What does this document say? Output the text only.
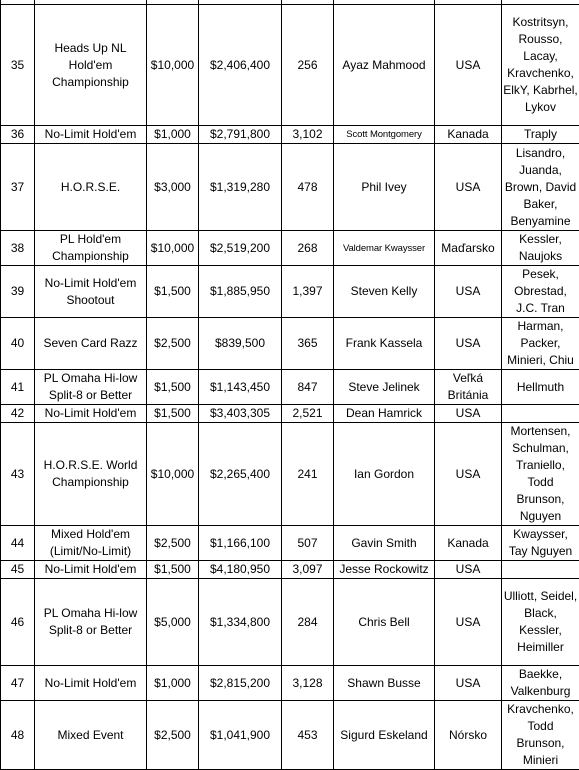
35	Heads Up NL Hold'em Championship	$10,000	$2,406,400	256	Ayaz Mahmood	USA	Kostritsyn, Rousso, Lacay, Kravchenko, ElkY, Kabrhel, Lykov
36	No-Limit Hold'em	$1,000	$2,791,800	3,102	Scott Montgomery	Kanada	Traply
37	H.O.R.S.E.	$3,000	$1,319,280	478	Phil Ivey	USA	Lisandro, Juanda, Brown, David Baker, Benyamine
38	PL Hold'em Championship	$10,000	$2,519,200	268	Valdemar Kwaysser	Maďarsko	Kessler, Naujoks
39	No-Limit Hold'em Shootout	$1,500	$1,885,950	1,397	Steven Kelly	USA	Pesek, Obrestad, J.C. Tran
40	Seven Card Razz	$2,500	$839,500	365	Frank Kassela	USA	Harman, Packer, Minieri, Chiu
41	PL Omaha Hi-low Split-8 or Better	$1,500	$1,143,450	847	Steve Jelinek	Veľká Británia	Hellmuth
42	No-Limit Hold'em	$1,500	$3,403,305	2,521	Dean Hamrick	USA	
43	H.O.R.S.E. World Championship	$10,000	$2,265,400	241	Ian Gordon	USA	Mortensen, Schulman, Traniello, Todd Brunson, Nguyen
44	Mixed Hold'em (Limit/No-Limit)	$2,500	$1,166,100	507	Gavin Smith	Kanada	Kwaysser, Tay Nguyen
45	No-Limit Hold'em	$1,500	$4,180,950	3,097	Jesse Rockowitz	USA	
46	PL Omaha Hi-low Split-8 or Better	$5,000	$1,334,800	284	Chris Bell	USA	Ulliott, Seidel, Black, Kessler, Heimiller
47	No-Limit Hold'em	$1,000	$2,815,200	3,128	Shawn Busse	USA	Baekke, Valkenburg
48	Mixed Event	$2,500	$1,041,900	453	Sigurd Eskeland	Nórsko	Kravchenko, Todd Brunson, Minieri
